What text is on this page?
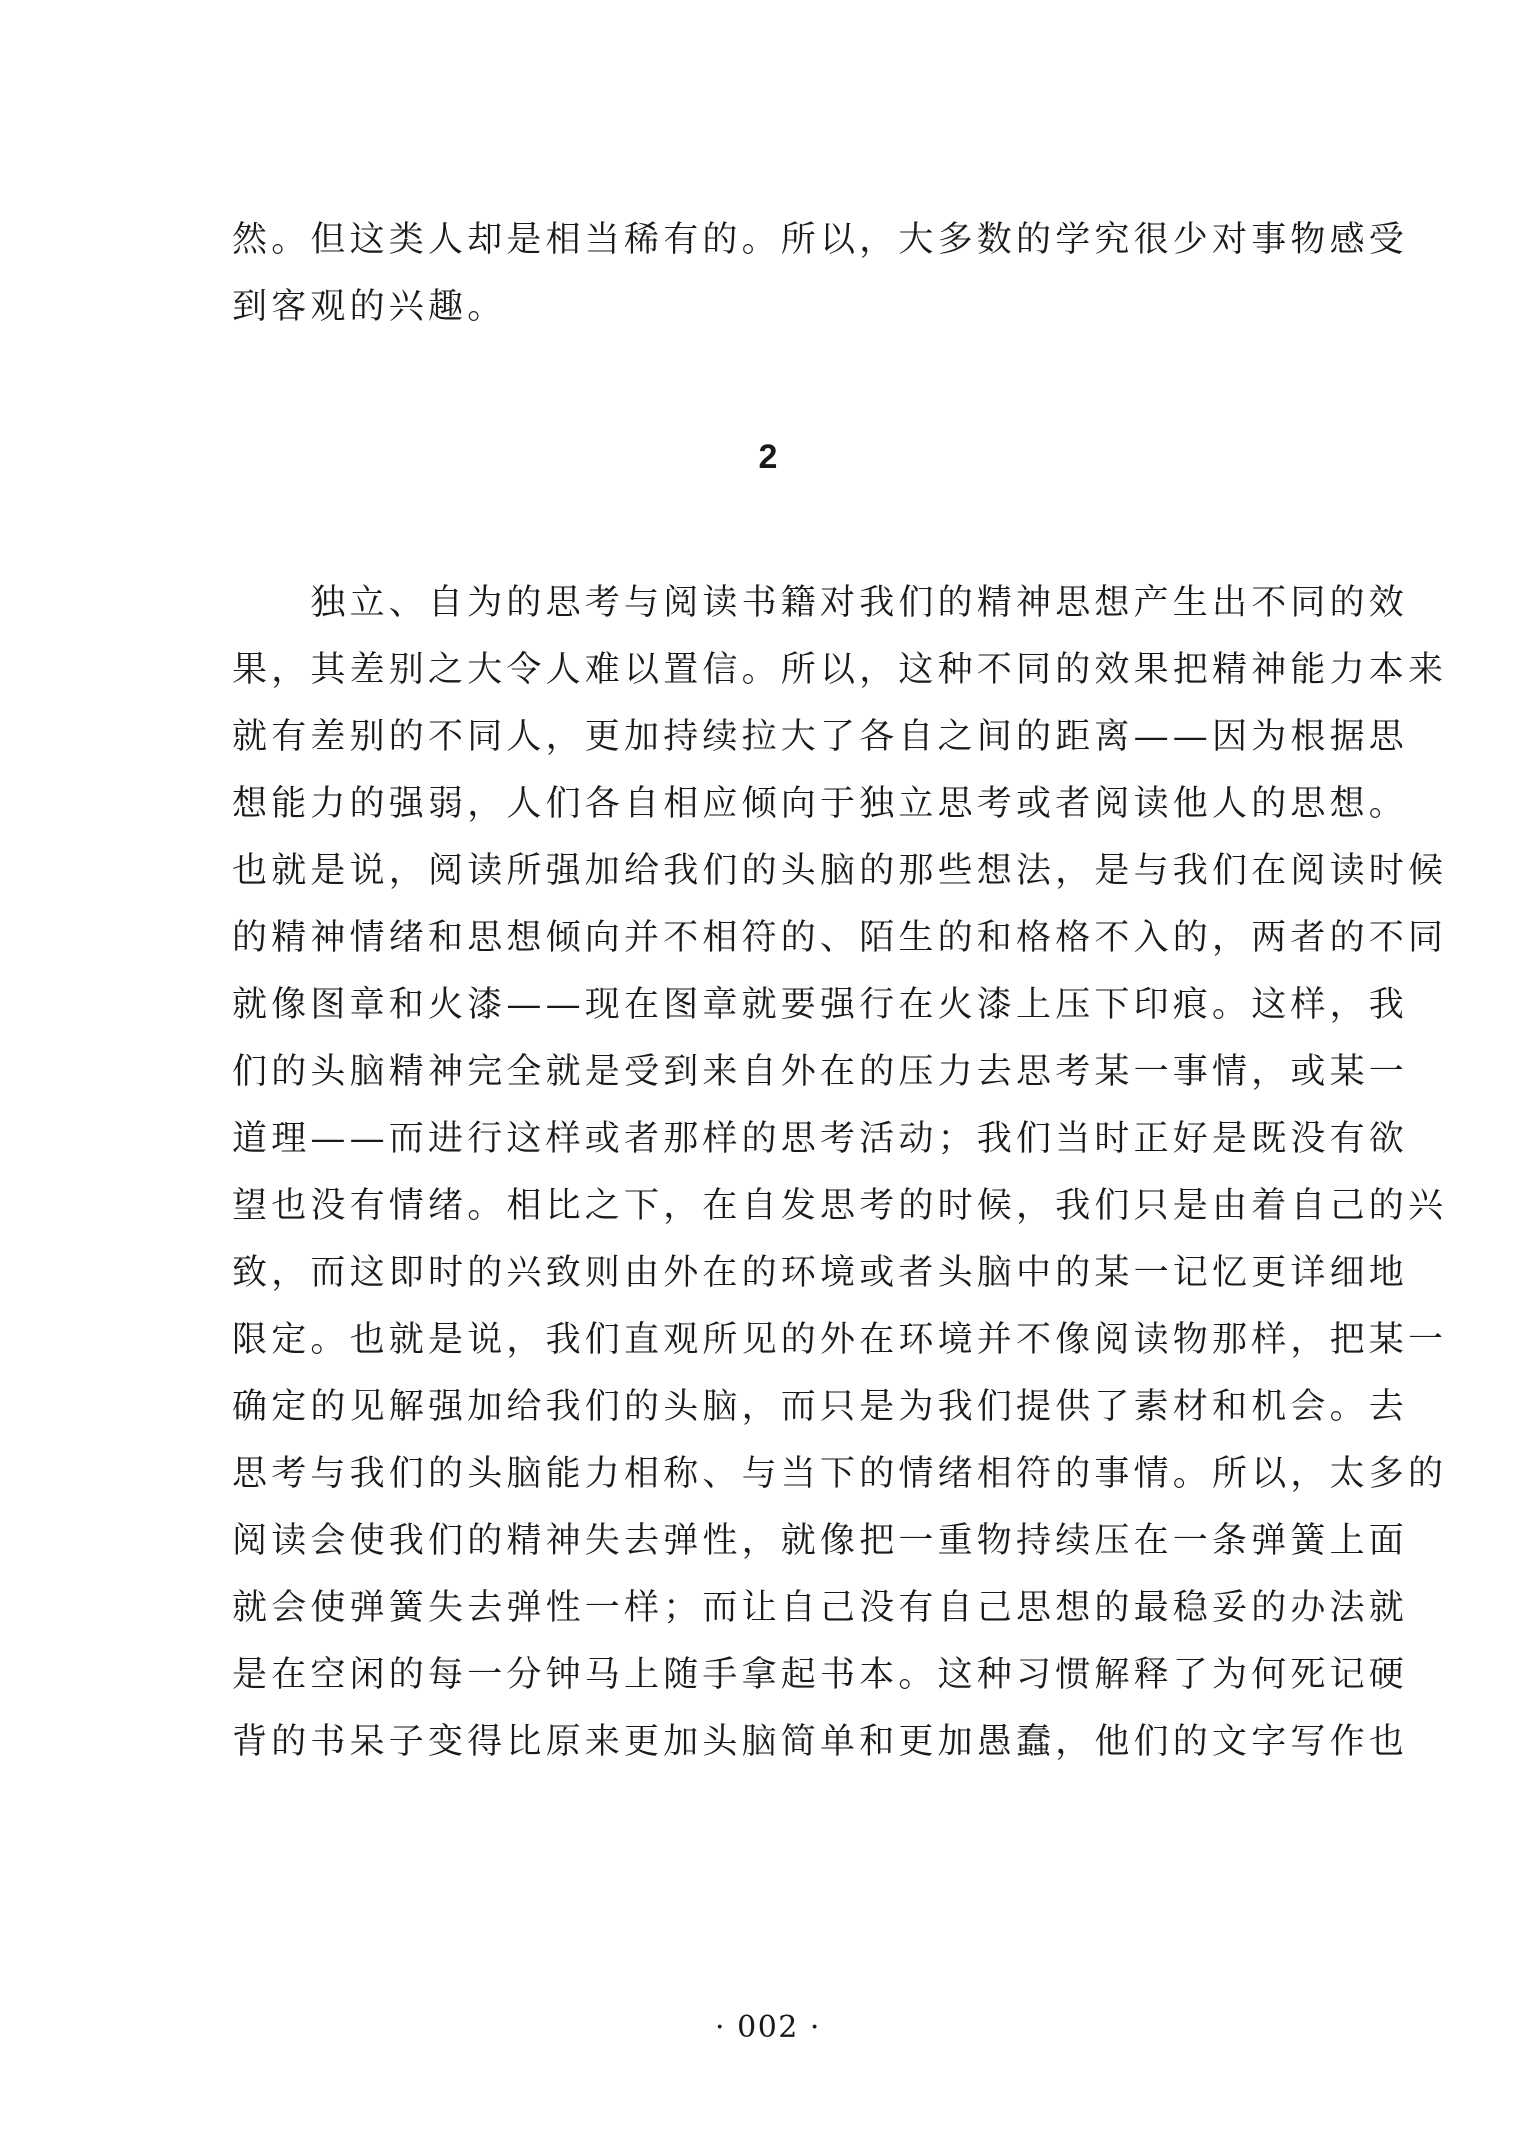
然。但这类人却是相当稀有的。所以，大多数的学究很少对事物感受
到客观的兴趣。
2
　　独立、自为的思考与阅读书籍对我们的精神思想产生出不同的效
果，其差别之大令人难以置信。所以，这种不同的效果把精神能力本来
就有差别的不同人，更加持续拉大了各自之间的距离——因为根据思
想能力的强弱，人们各自相应倾向于独立思考或者阅读他人的思想。
也就是说，阅读所强加给我们的头脑的那些想法，是与我们在阅读时候
的精神情绪和思想倾向并不相符的、陌生的和格格不入的，两者的不同
就像图章和火漆——现在图章就要强行在火漆上压下印痕。这样，我
们的头脑精神完全就是受到来自外在的压力去思考某一事情，或某一
道理——而进行这样或者那样的思考活动；我们当时正好是既没有欲
望也没有情绪。相比之下，在自发思考的时候，我们只是由着自己的兴
致，而这即时的兴致则由外在的环境或者头脑中的某一记忆更详细地
限定。也就是说，我们直观所见的外在环境并不像阅读物那样，把某一
确定的见解强加给我们的头脑，而只是为我们提供了素材和机会。去
思考与我们的头脑能力相称、与当下的情绪相符的事情。所以，太多的
阅读会使我们的精神失去弹性，就像把一重物持续压在一条弹簧上面
就会使弹簧失去弹性一样；而让自己没有自己思想的最稳妥的办法就
是在空闲的每一分钟马上随手拿起书本。这种习惯解释了为何死记硬
背的书呆子变得比原来更加头脑简单和更加愚蠢，他们的文字写作也
· 002 ·
